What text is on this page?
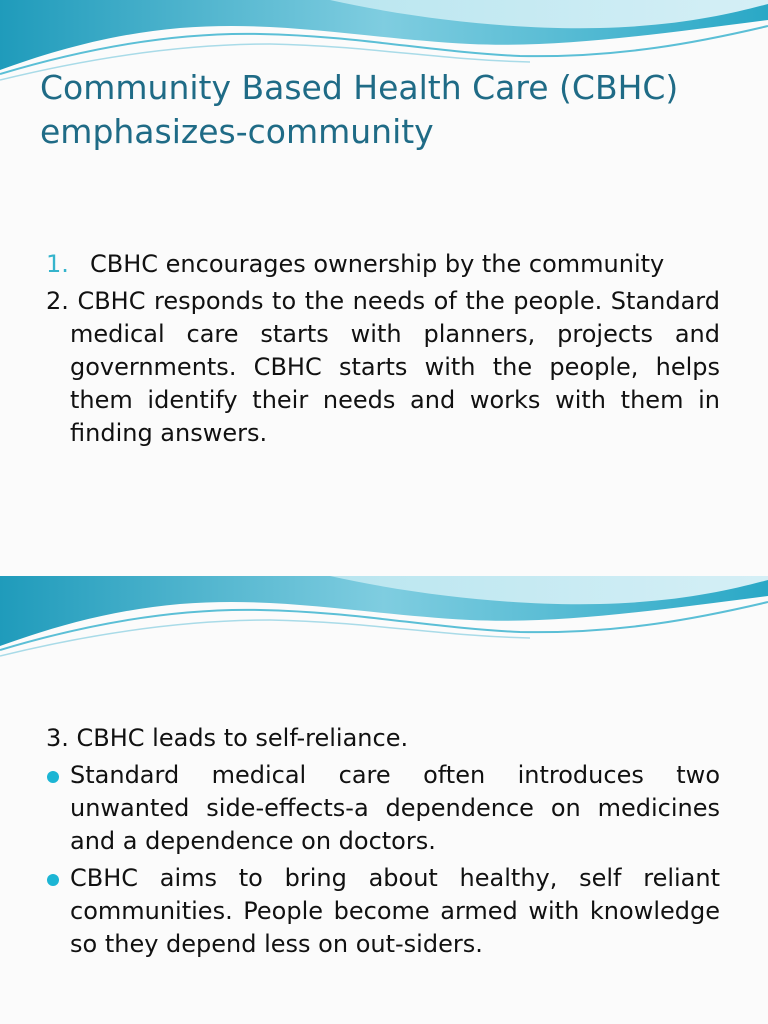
Community Based Health Care (CBHC) emphasizes-community
1. CBHC encourages ownership by the community
2. CBHC responds to the needs of the people. Standard medical care starts with planners, projects and governments. CBHC starts with the people, helps them identify their needs and works with them in finding answers.
3. CBHC leads to self-reliance.
Standard medical care often introduces two unwanted side-effects-a dependence on medicines and a dependence on doctors.
CBHC aims to bring about healthy, self reliant communities. People become armed with knowledge so they depend less on out-siders.
